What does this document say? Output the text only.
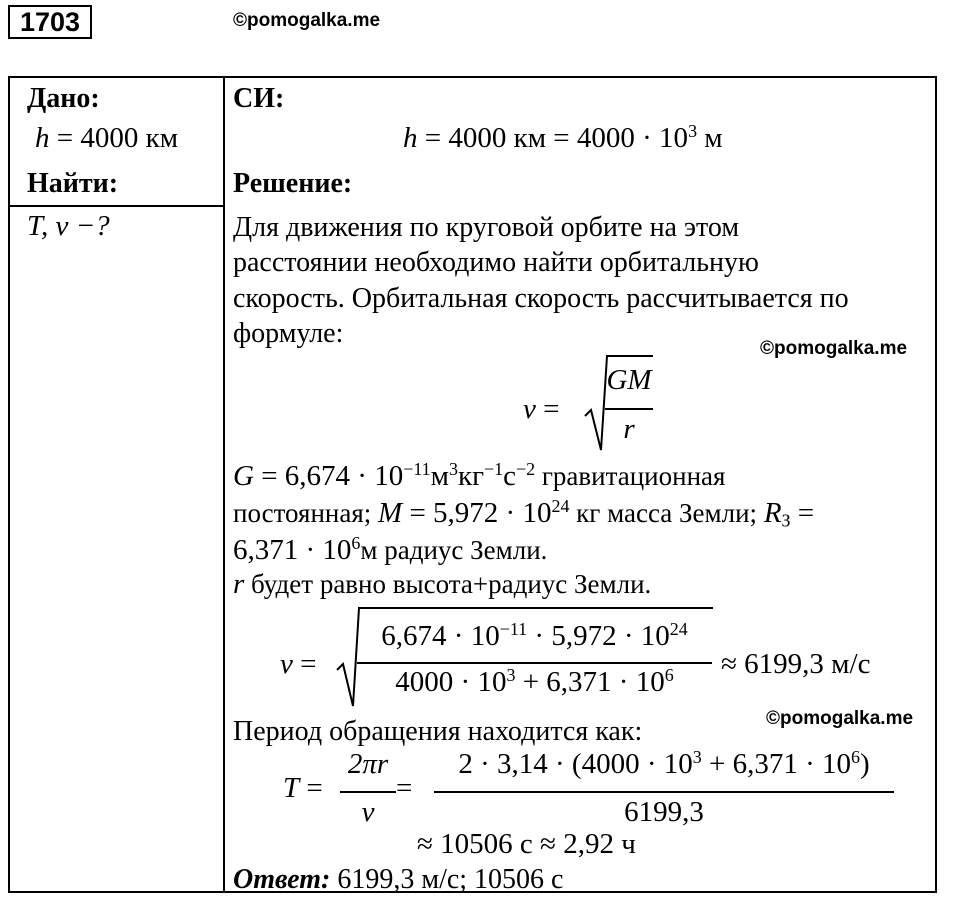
1703	©pomogalka.me
Дано:
h = 4000 км
Найти:
T, v −?
СИ:
h = 4000 км = $4000 \cdot 10^3$ м
Решение:
Для движения по круговой орбите на этом
расстоянии необходимо найти орбитальную
скорость. Орбитальная скорость рассчитывается по
формуле:	©pomogalka.me
v =
GM
r
$G = 6,674 \cdot 10^{-11}м^3кг^{-1}с^{-2}$ гравитационная
постоянная; $M = 5,972 \cdot 10^{24}$ кг масса Земли; $R_З$ =
$6,371 \cdot 10^6м$ радиус Земли.
r будет равно высота+радиус Земли.
v =
$6,674 \cdot 10^{-11} \cdot 5,972 \cdot 10^{24}$
$4000 \cdot 10^3 + 6,371 \cdot 10^6$	≈ 6199,3 м/с
©pomogalka.me
Период обращения находится как:
T =
2πr
v
=
$2 \cdot 3,14 \cdot (4000 \cdot 10^3 + 6,371 \cdot 10^6)$
6199,3
≈ 10506 с ≈ 2,92 ч
Ответ: 6199,3 м/с; 10506 с
